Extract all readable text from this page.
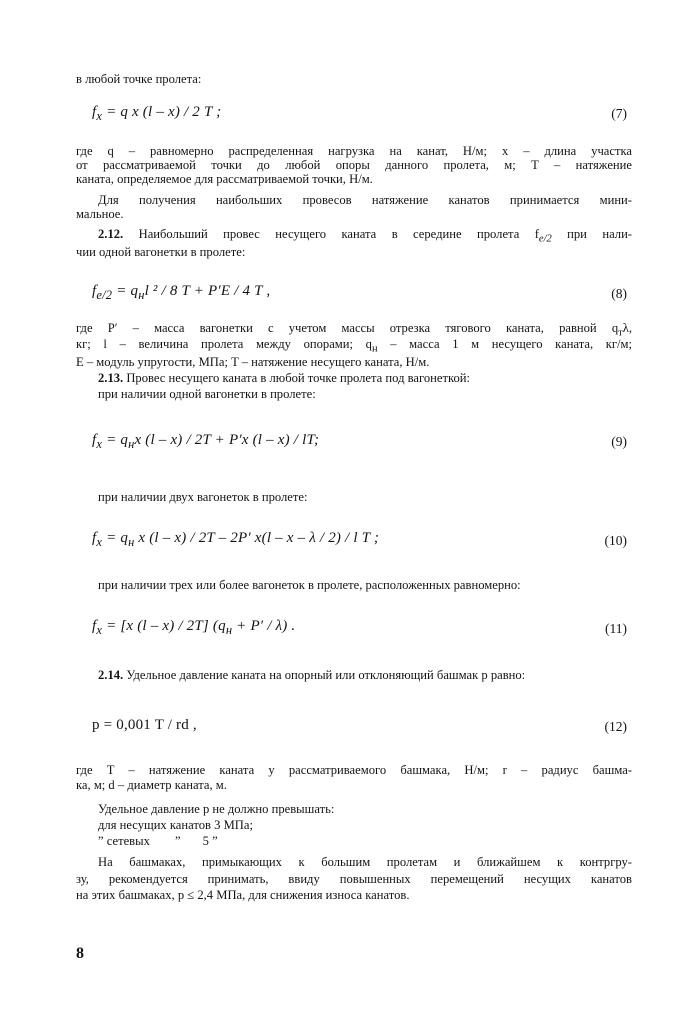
в любой точке пролета:
$f_x = q$ x (l – x) / 2 T ;	(7)
где q – равномерно распределенная нагрузка на канат, Н/м; x – длина участка
от рассматриваемой точки до любой опоры данного пролета, м; T – натяжение
каната, определяемое для рассматриваемой точки, Н/м.
Для получения наибольших провесов натяжение канатов принимается мини-
мальное.
2.12. Наибольший провес несущего каната в середине пролета $f_{e/2}$ при нали-
чии одной вагонетки в пролете:
$f_{e/2} = q_нl$ ² / 8 T + P′E / 4 T ,	(8)
где P′ – масса вагонетки с учетом массы отрезка тягового каната, равной $q_т\lambda$,
кг; l – величина пролета между опорами; $q_н$ – масса 1 м несущего каната, кг/м;
E – модуль упругости, МПа; T – натяжение несущего каната, Н/м.
2.13. Провес несущего каната в любой точке пролета под вагонеткой:
при наличии одной вагонетки в пролете:
$f_x = q_нx$ (l – x) / 2T + P′x (l – x) / lT;	(9)
при наличии двух вагонеток в пролете:
$f_x = q_н$ x (l – x) / 2T – 2P′ x(l – x – λ / 2) / l T ;	(10)
при наличии трех или более вагонеток в пролете, расположенных равномерно:
$f_x = [x$ (l – x) / 2T] $(q_н + P' / \lambda)$ .	(11)
2.14. Удельное давление каната на опорный или отклоняющий башмак p равно:
p = 0,001 T / rd ,	(12)
где T – натяжение каната у рассматриваемого башмака, Н/м; r – радиус башма-
ка, м; d – диаметр каната, м.
Удельное давление p не должно превышать:
для несущих канатов 3 МПа;
” сетевых        ”       5 ”
На башмаках, примыкающих к большим пролетам и ближайшем к контргру-
зу, рекомендуется принимать, ввиду повышенных перемещений несущих канатов
на этих башмаках, p ≤ 2,4 МПа, для снижения износа канатов.
8
